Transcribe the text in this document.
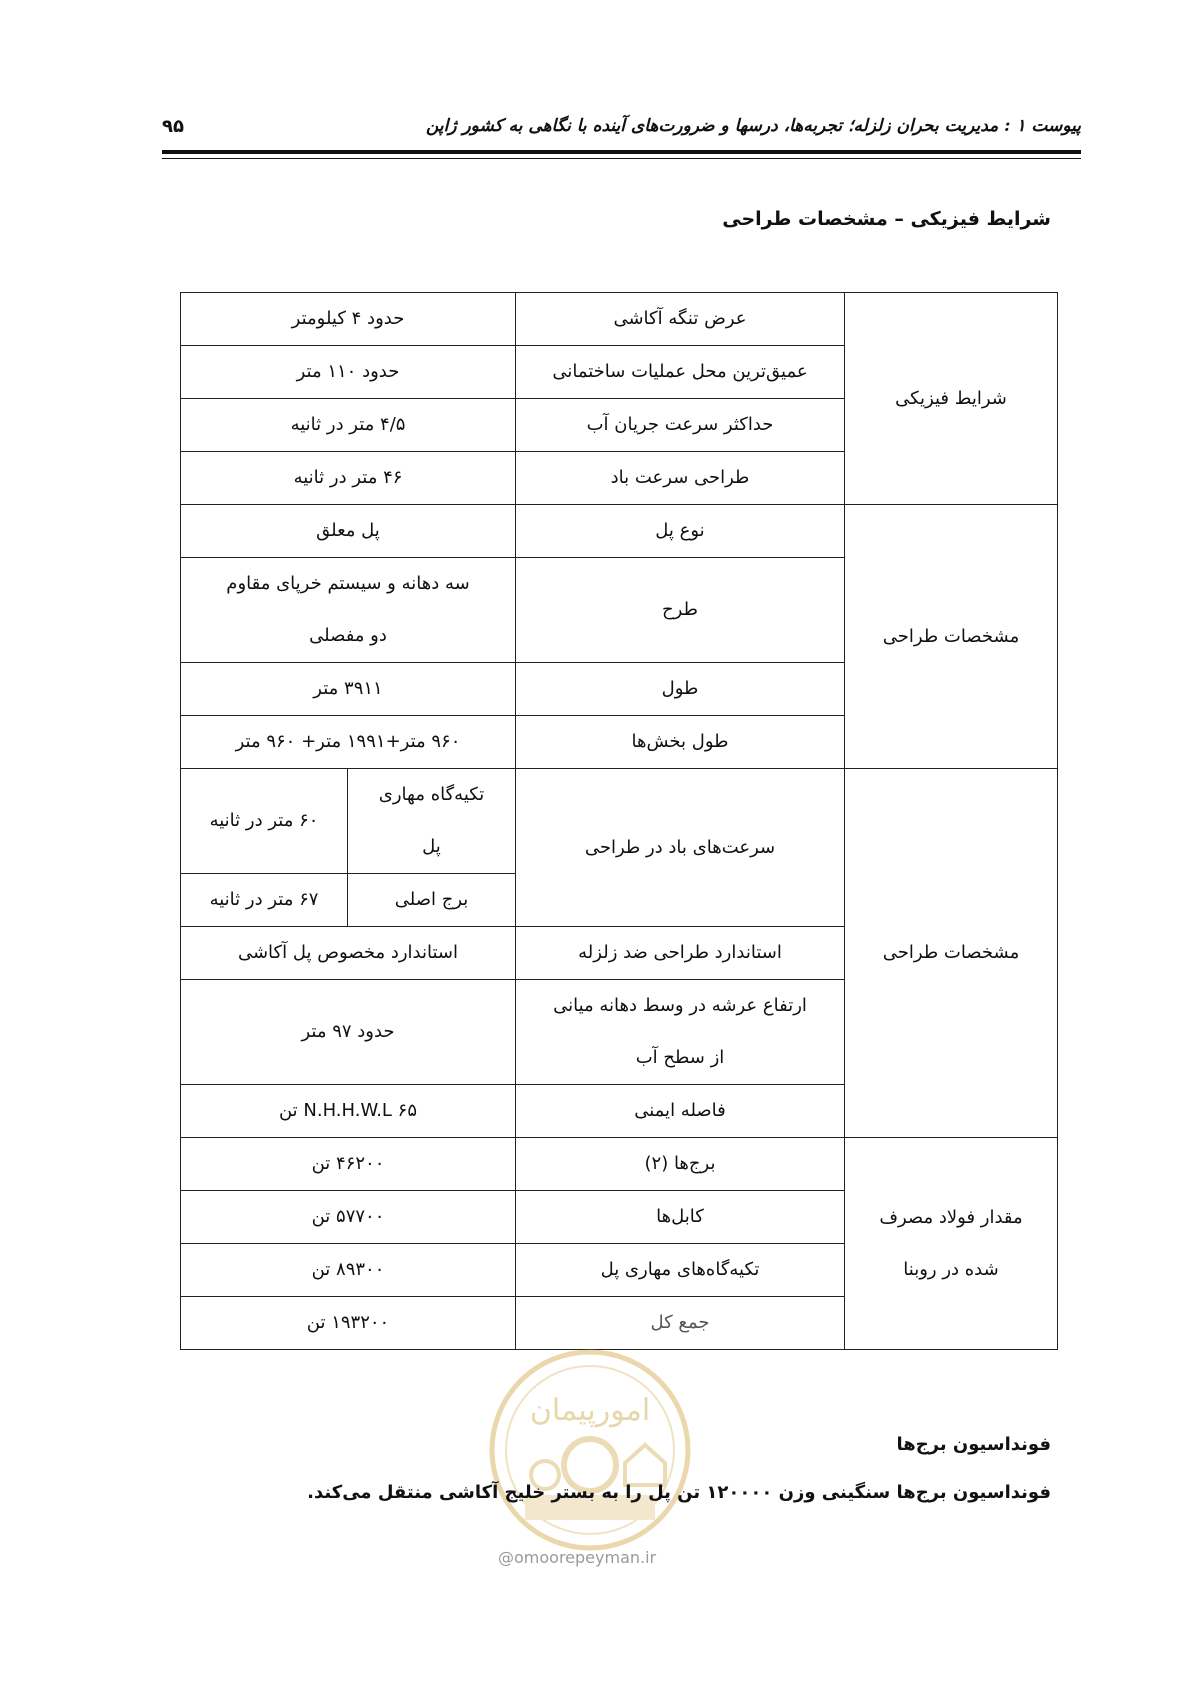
پیوست ۱ : مدیریت بحران زلزله؛ تجربه‌ها، درسها و ضرورت‌های آینده با نگاهی به کشور ژاپن
۹۵
شرایط فیزیکی – مشخصات طراحی
شرایط فیزیکی	عرض تنگه آکاشی	حدود ۴ کیلومتر	
	عمیق‌ترین محل عملیات ساختمانی	حدود ۱۱۰ متر	
	حداکثر سرعت جریان آب	۴/۵ متر در ثانیه	
	طراحی سرعت باد	۴۶ متر در ثانیه	
مشخصات طراحی	نوع پل	پل معلق	
	طرح	سه دهانه و سیستم خرپای مقاوم دو مفصلی	
	طول	۳۹۱۱ متر	
	طول بخش‌ها	۹۶۰ متر+۱۹۹۱ متر+ ۹۶۰ متر	
مشخصات طراحی	سرعت‌های باد در طراحی	تکیه‌گاه مهاری پل	۶۰ متر در ثانیه
		برج اصلی	۶۷ متر در ثانیه
	استاندارد طراحی ضد زلزله	استاندارد مخصوص پل آکاشی	
	ارتفاع عرشه در وسط دهانه میانی از سطح آب	حدود ۹۷ متر	
	فاصله ایمنی	N.H.H.W.L ۶۵ تن	
مقدار فولاد مصرف شده در روبنا	برج‌ها (۲)	۴۶۲۰۰ تن	
	کابل‌ها	۵۷۷۰۰ تن	
	تکیه‌گاه‌های مهاری پل	۸۹۳۰۰ تن	
	جمع کل	۱۹۳۲۰۰ تن	
امورپیمان
@omoorepeyman.ir
فونداسیون برج‌ها
فونداسیون برج‌ها سنگینی وزن ۱۲۰۰۰۰ تن پل را به بستر خلیج آکاشی منتقل می‌کند.
